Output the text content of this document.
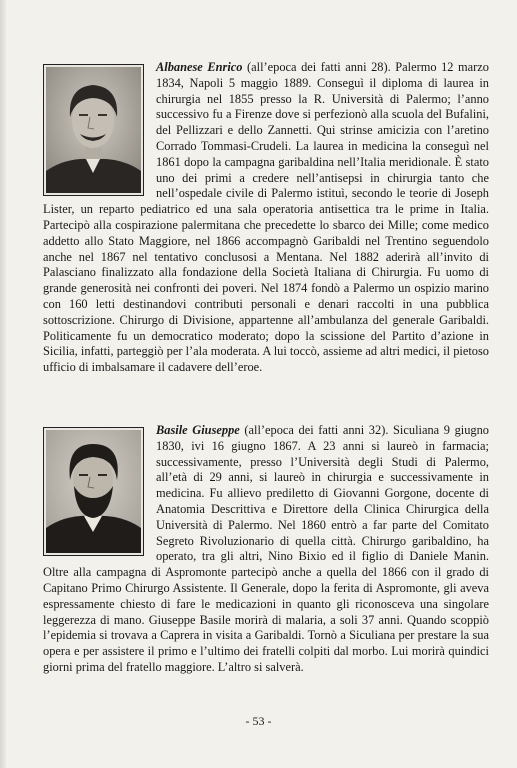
Albanese Enrico (all’epoca dei fatti anni 28). Palermo 12 marzo 1834, Napoli 5 maggio 1889. Conseguì il diploma di laurea in chirurgia nel 1855 presso la R. Università di Palermo; l’anno successivo fu a Firenze dove si perfezionò alla scuola del Bufalini, del Pellizzari e dello Zannetti. Qui strinse amicizia con l’aretino Corrado Tommasi-Crudeli. La laurea in medicina la conseguì nel 1861 dopo la campagna garibaldina nell’Italia meridionale. È stato uno dei primi a credere nell’antisepsi in chirurgia tanto che nell’ospedale civile di Palermo istituì, secondo le teorie di Joseph Lister, un reparto pediatrico ed una sala operatoria antisettica tra le prime in Italia. Partecipò alla cospirazione palermitana che precedette lo sbarco dei Mille; come medico addetto allo Stato Maggiore, nel 1866 accompagnò Garibaldi nel Trentino seguendolo anche nel 1867 nel tentativo conclusosi a Mentana. Nel 1882 aderirà all’invito di Palasciano finalizzato alla fondazione della Società Italiana di Chirurgia. Fu uomo di grande generosità nei confronti dei poveri. Nel 1874 fondò a Palermo un ospizio marino con 160 letti destinandovi contributi personali e denari raccolti in una pubblica sottoscrizione. Chirurgo di Divisione, appartenne all’ambulanza del generale Garibaldi. Politicamente fu un democratico moderato; dopo la scissione del Partito d’azione in Sicilia, infatti, parteggiò per l’ala moderata. A lui toccò, assieme ad altri medici, il pietoso ufficio di imbalsamare il cadavere dell’eroe.

Basile Giuseppe (all’epoca dei fatti anni 32). Siculiana 9 giugno 1830, ivi 16 giugno 1867. A 23 anni si laureò in farmacia; successivamente, presso l’Università degli Studi di Palermo, all’età di 29 anni, si laureò in chirurgia e successivamente in medicina. Fu allievo prediletto di Giovanni Gorgone, docente di Anatomia Descrittiva e Direttore della Clinica Chirurgica della Università di Palermo. Nel 1860 entrò a far parte del Comitato Segreto Rivoluzionario di quella città. Chirurgo garibaldino, ha operato, tra gli altri, Nino Bixio ed il figlio di Daniele Manin. Oltre alla campagna di Aspromonte partecipò anche a quella del 1866 con il grado di Capitano Primo Chirurgo Assistente. Il Generale, dopo la ferita di Aspromonte, gli aveva espressamente chiesto di fare le medicazioni in quanto gli riconosceva una singolare leggerezza di mano. Giuseppe Basile morirà di malaria, a soli 37 anni. Quando scoppiò l’epidemia si trovava a Caprera in visita a Garibaldi. Tornò a Siculiana per prestare la sua opera e per assistere il primo e l’ultimo dei fratelli colpiti dal morbo. Lui morirà quindici giorni prima del fratello maggiore. L’altro si salverà.

- 53 -
